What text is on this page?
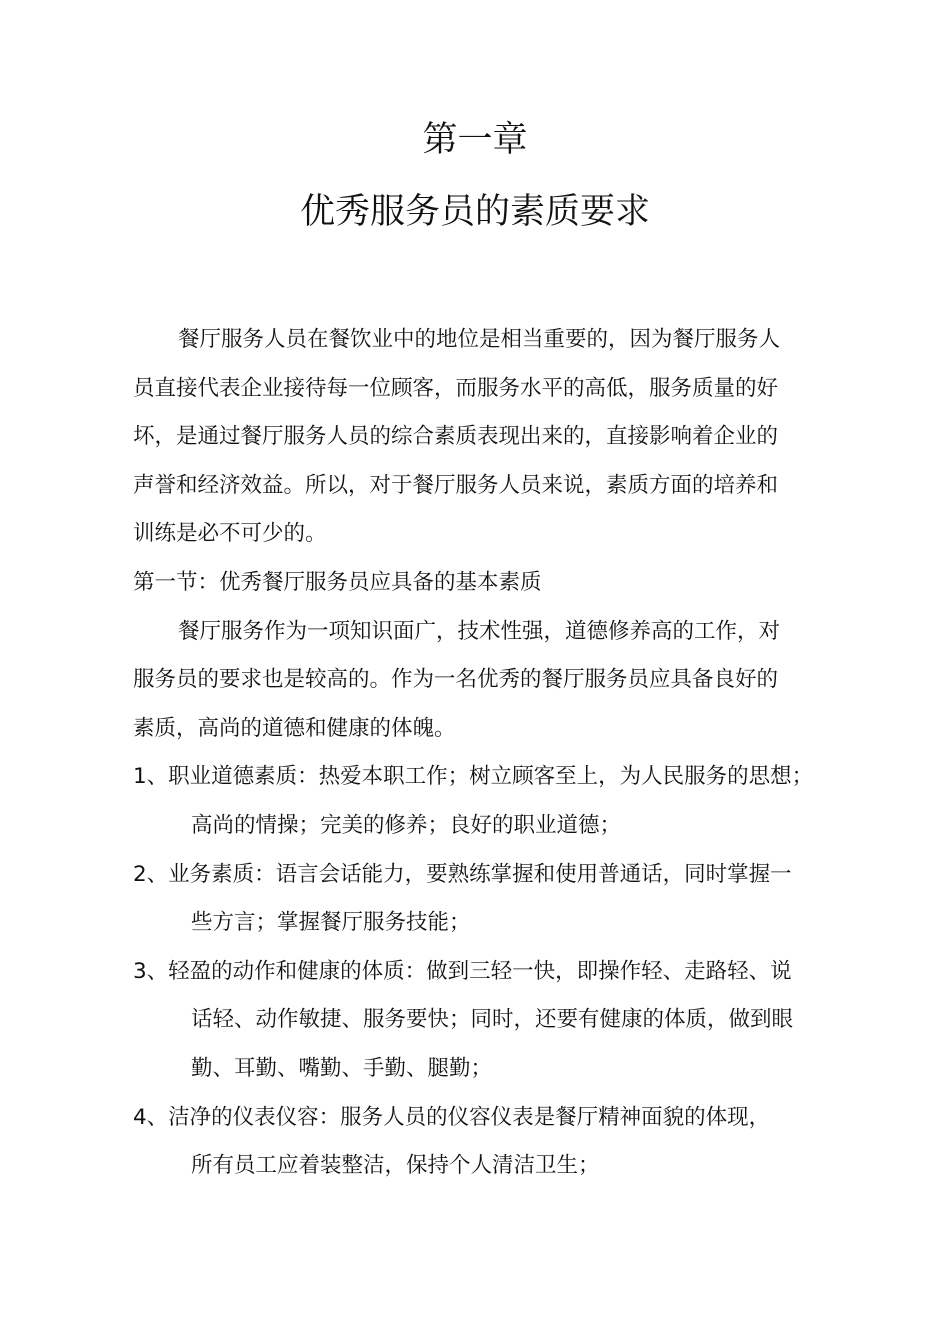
第一章
优秀服务员的素质要求
餐厅服务人员在餐饮业中的地位是相当重要的，因为餐厅服务人
员直接代表企业接待每一位顾客，而服务水平的高低，服务质量的好
坏，是通过餐厅服务人员的综合素质表现出来的，直接影响着企业的
声誉和经济效益。所以，对于餐厅服务人员来说，素质方面的培养和
训练是必不可少的。
第一节：优秀餐厅服务员应具备的基本素质
餐厅服务作为一项知识面广，技术性强，道德修养高的工作，对
服务员的要求也是较高的。作为一名优秀的餐厅服务员应具备良好的
素质，高尚的道德和健康的体魄。
1、职业道德素质：热爱本职工作；树立顾客至上，为人民服务的思想；
高尚的情操；完美的修养；良好的职业道德；
2、业务素质：语言会话能力，要熟练掌握和使用普通话，同时掌握一
些方言；掌握餐厅服务技能；
3、轻盈的动作和健康的体质：做到三轻一快，即操作轻、走路轻、说
话轻、动作敏捷、服务要快；同时，还要有健康的体质，做到眼
勤、耳勤、嘴勤、手勤、腿勤；
4、洁净的仪表仪容：服务人员的仪容仪表是餐厅精神面貌的体现，
所有员工应着装整洁，保持个人清洁卫生；
